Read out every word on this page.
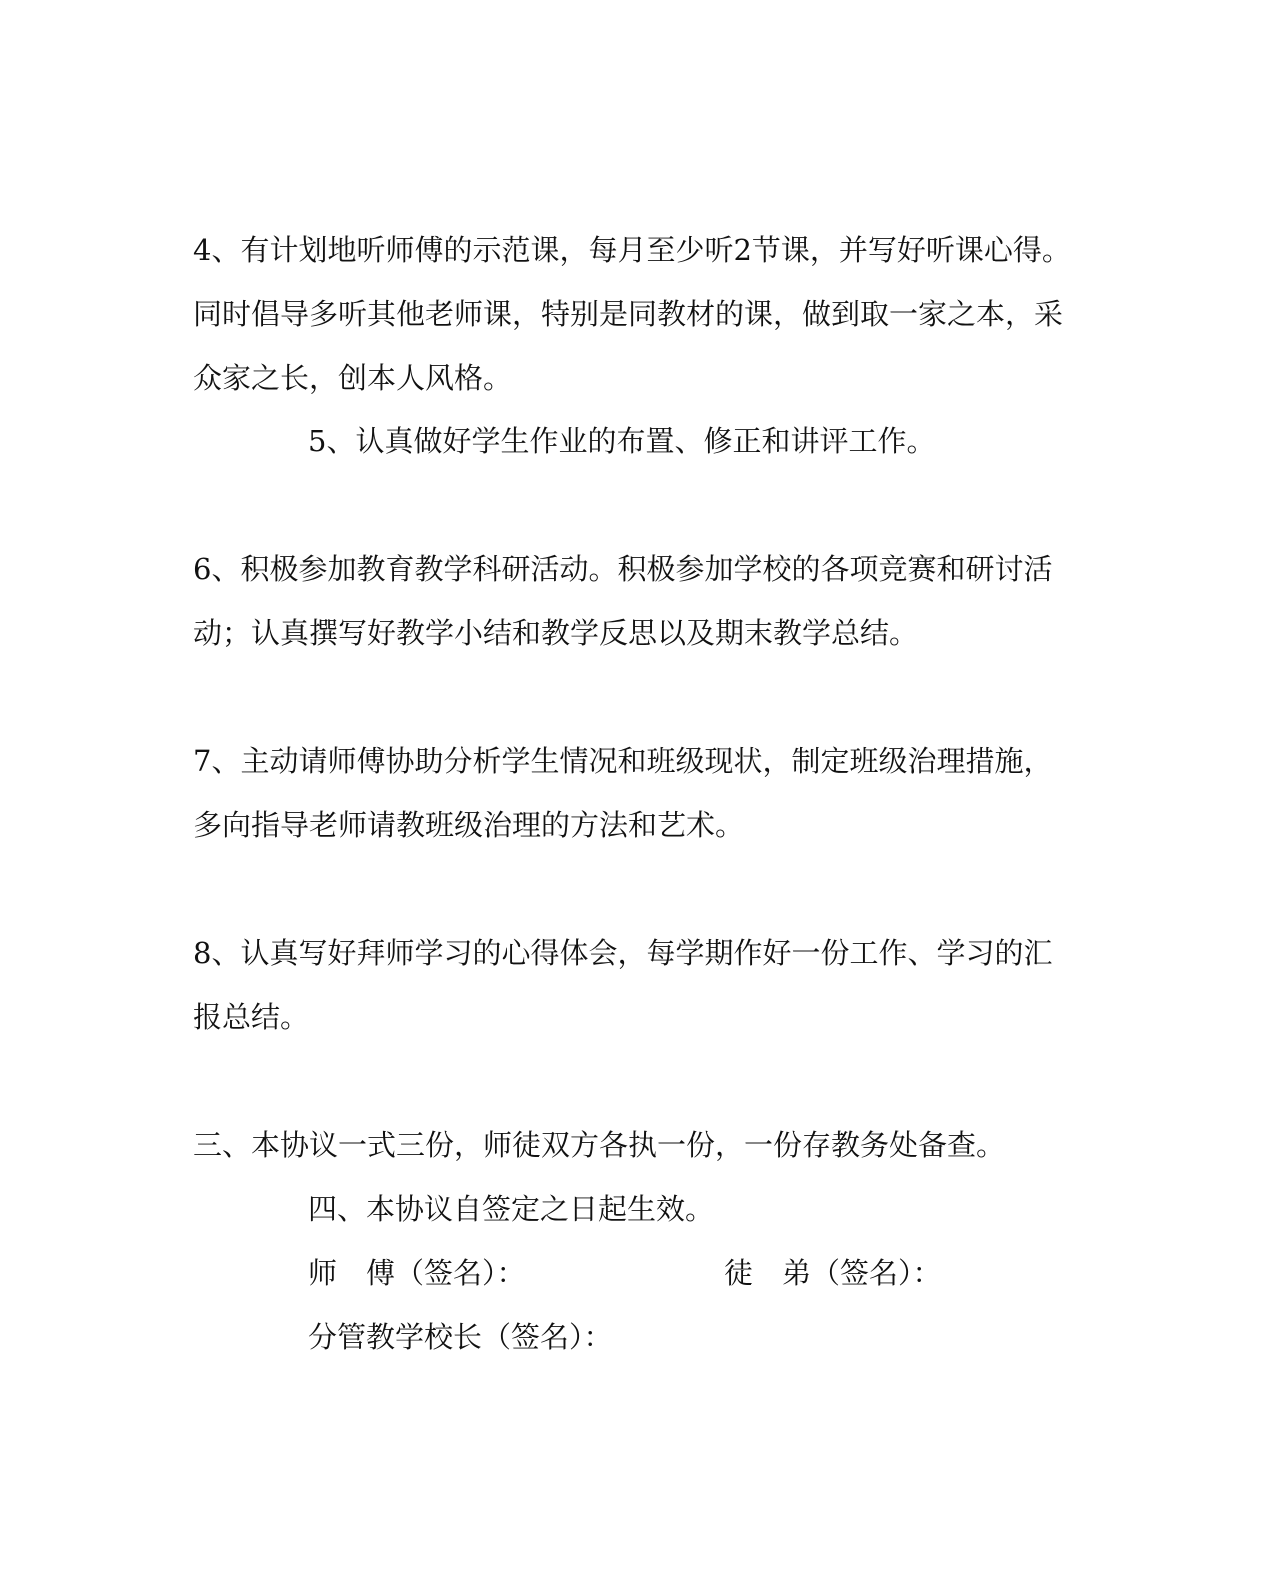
4、有计划地听师傅的示范课，每月至少听2节课，并写好听课心得。
同时倡导多听其他老师课，特别是同教材的课，做到取一家之本，采
众家之长，创本人风格。
5、认真做好学生作业的布置、修正和讲评工作。
6、积极参加教育教学科研活动。积极参加学校的各项竞赛和研讨活
动；认真撰写好教学小结和教学反思以及期末教学总结。
7、主动请师傅协助分析学生情况和班级现状，制定班级治理措施，
多向指导老师请教班级治理的方法和艺术。
8、认真写好拜师学习的心得体会，每学期作好一份工作、学习的汇
报总结。
三、本协议一式三份，师徒双方各执一份，一份存教务处备查。
四、本协议自签定之日起生效。
师　傅（签名）：	徒　弟（签名）：
分管教学校长（签名）：
